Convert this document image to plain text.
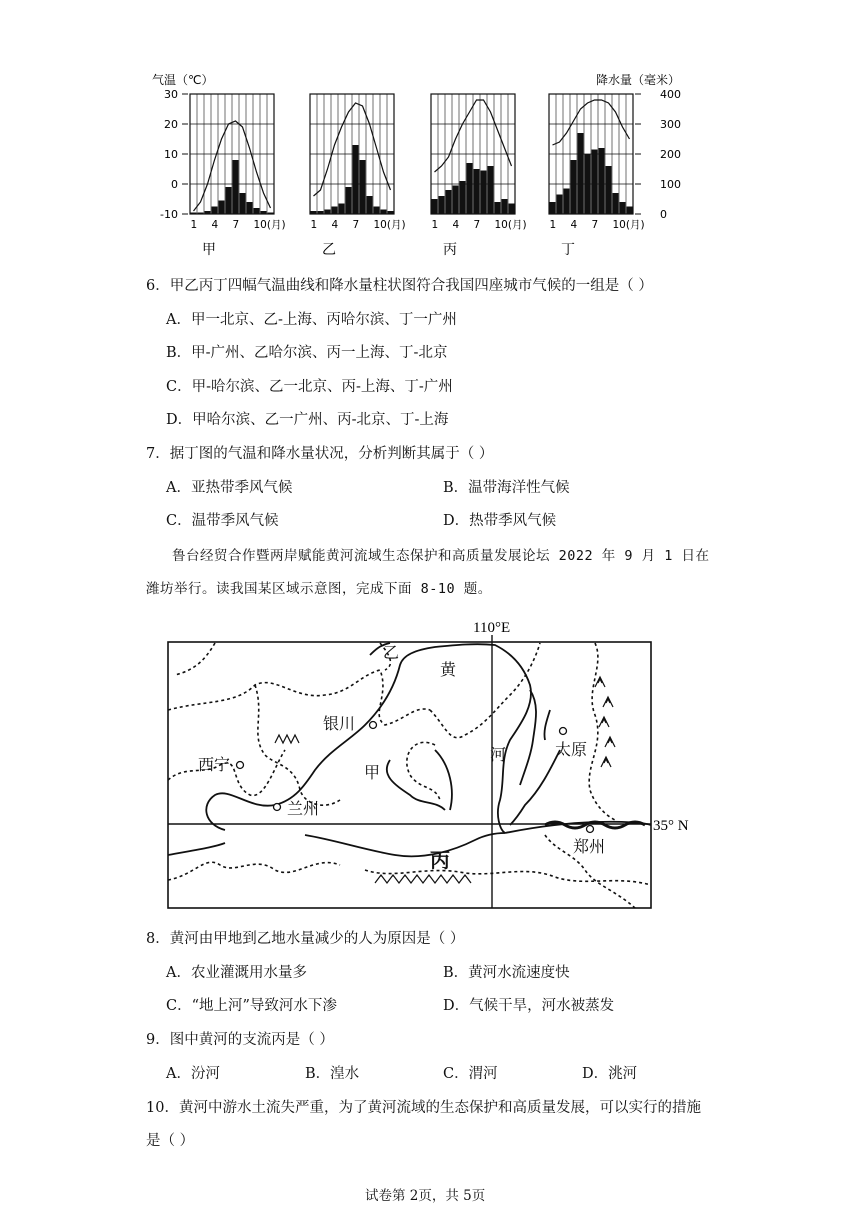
气温（℃）	降水量（毫米）
30
20
10
0
-10
400
300
200
100
0
1 4 7 10(月)
甲
1 4 7 10(月)
乙
1 4 7 10(月)
丙
1 4 7 10(月)
丁
6．甲乙丙丁四幅气温曲线和降水量柱状图符合我国四座城市气候的一组是（ ）
A．甲一北京、乙-上海、丙哈尔滨、丁一广州
B．甲-广州、乙哈尔滨、丙一上海、丁-北京
C．甲-哈尔滨、乙一北京、丙-上海、丁-广州
D．甲哈尔滨、乙一广州、丙-北京、丁-上海
7．据丁图的气温和降水量状况，分析判断其属于（ ）
A．亚热带季风气候	B．温带海洋性气候
C．温带季风气候	D．热带季风气候
鲁台经贸合作暨两岸赋能黄河流域生态保护和高质量发展论坛 2022 年 9 月 1 日在
潍坊举行。读我国某区域示意图，完成下面 8-10 题。
110°E
35° N
银川
西宁
兰州
太原
郑州
乙
黄
河
甲
丙
8．黄河由甲地到乙地水量减少的人为原因是（ ）
A．农业灌溉用水量多	B．黄河水流速度快
C．“地上河”导致河水下渗	D．气候干旱，河水被蒸发
9．图中黄河的支流丙是（ ）
A．汾河	B．湟水	C．渭河	D．洮河
10．黄河中游水土流失严重，为了黄河流域的生态保护和高质量发展，可以实行的措施
是（ ）
试卷第 2页，共 5页
